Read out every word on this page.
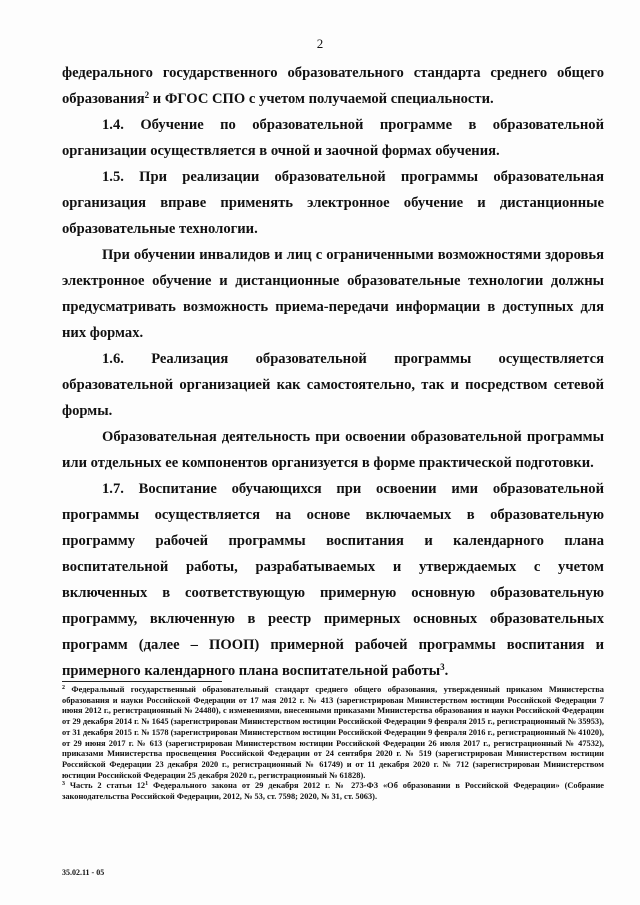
2

федерального государственного образовательного стандарта среднего общего образования$^2$ и ФГОС СПО с учетом получаемой специальности.

1.4. Обучение по образовательной программе в образовательной организации осуществляется в очной и заочной формах обучения.

1.5. При реализации образовательной программы образовательная организация вправе применять электронное обучение и дистанционные образовательные технологии.

При обучении инвалидов и лиц с ограниченными возможностями здоровья электронное обучение и дистанционные образовательные технологии должны предусматривать возможность приема-передачи информации в доступных для них формах.

1.6. Реализация образовательной программы осуществляется образовательной организацией как самостоятельно, так и посредством сетевой формы.

Образовательная деятельность при освоении образовательной программы или отдельных ее компонентов организуется в форме практической подготовки.

1.7. Воспитание обучающихся при освоении ими образовательной программы осуществляется на основе включаемых в образовательную программу рабочей программы воспитания и календарного плана воспитательной работы, разрабатываемых и утверждаемых с учетом включенных в соответствующую примерную основную образовательную программу, включенную в реестр примерных основных образовательных программ (далее – ПООП) примерной рабочей программы воспитания и примерного календарного плана воспитательной работы$^3$.

$^2$ Федеральный государственный образовательный стандарт среднего общего образования, утвержденный приказом Министерства образования и науки Российской Федерации от 17 мая 2012 г. № 413 (зарегистрирован Министерством юстиции Российской Федерации 7 июня 2012 г., регистрационный № 24480), с изменениями, внесенными приказами Министерства образования и науки Российской Федерации от 29 декабря 2014 г. № 1645 (зарегистрирован Министерством юстиции Российской Федерации 9 февраля 2015 г., регистрационный № 35953), от 31 декабря 2015 г. № 1578 (зарегистрирован Министерством юстиции Российской Федерации 9 февраля 2016 г., регистрационный № 41020), от 29 июня 2017 г. № 613 (зарегистрирован Министерством юстиции Российской Федерации 26 июля 2017 г., регистрационный № 47532), приказами Министерства просвещения Российской Федерации от 24 сентября 2020 г. № 519 (зарегистрирован Министерством юстиции Российской Федерации 23 декабря 2020 г., регистрационный № 61749) и от 11 декабря 2020 г. № 712 (зарегистрирован Министерством юстиции Российской Федерации 25 декабря 2020 г., регистрационный № 61828).

$^3$ Часть 2 статьи $12^1$ Федерального закона от 29 декабря 2012 г. № 273-ФЗ «Об образовании в Российской Федерации» (Собрание законодательства Российской Федерации, 2012, № 53, ст. 7598; 2020, № 31, ст. 5063).

35.02.11 - 05
